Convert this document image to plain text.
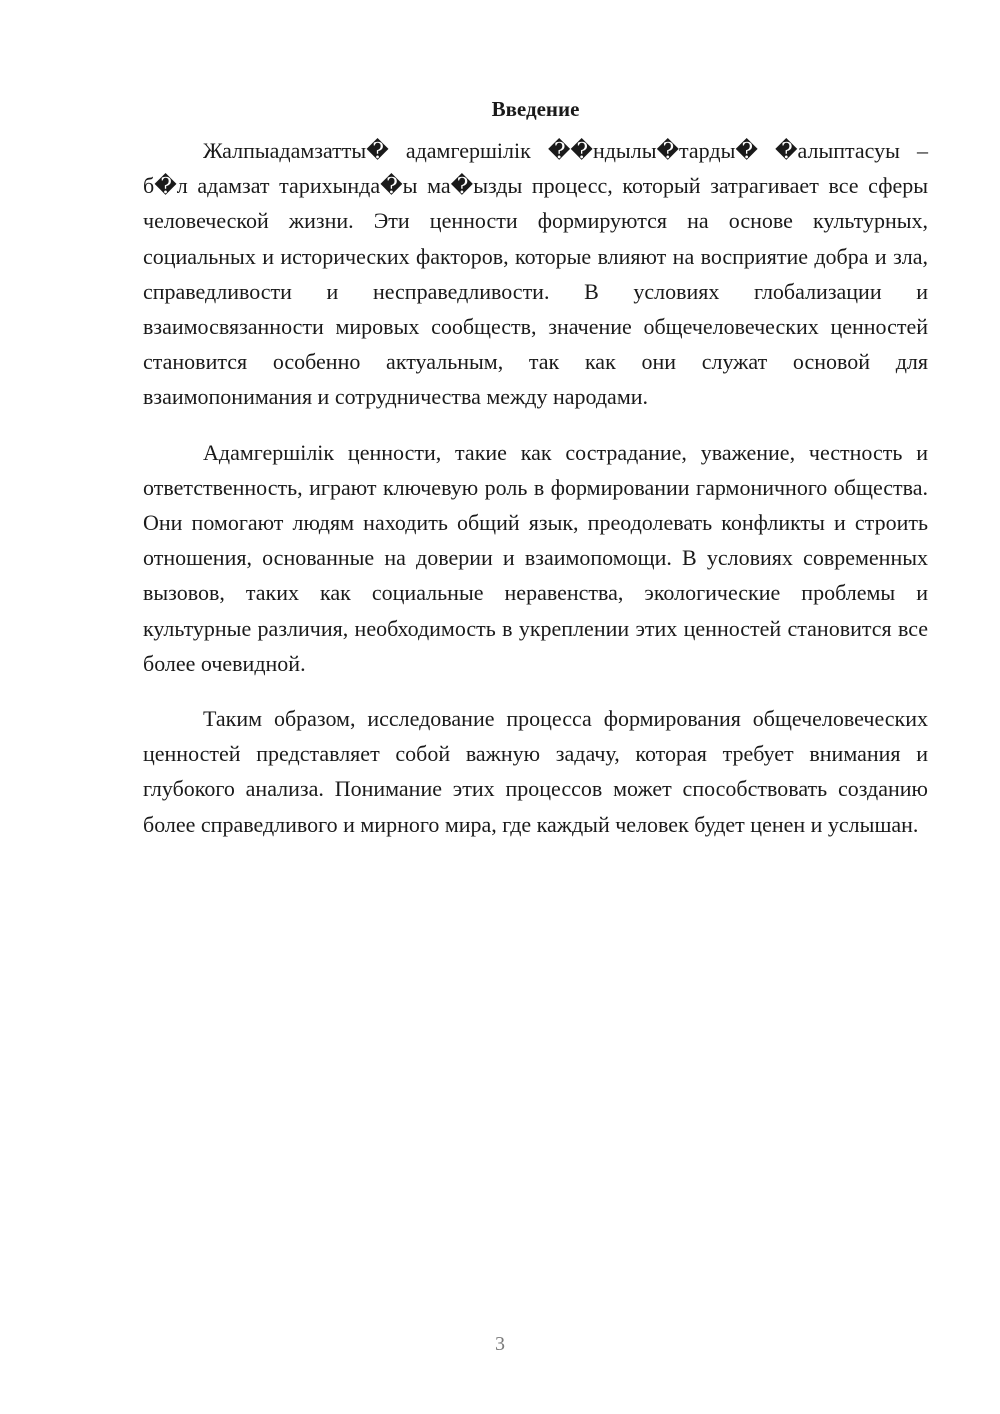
Введение

Жалпыадамзатты� адамгершілік ��ндылы�тарды� �алыптасуы – б�л адамзат тарихында�ы ма�ызды процесс, который затрагивает все сферы человеческой жизни. Эти ценности формируются на основе культурных, социальных и исторических факторов, которые влияют на восприятие добра и зла, справедливости и несправедливости. В условиях глобализации и взаимосвязанности мировых сообществ, значение общечеловеческих ценностей становится особенно актуальным, так как они служат основой для взаимопонимания и сотрудничества между народами.

Адамгершілік ценности, такие как сострадание, уважение, честность и ответственность, играют ключевую роль в формировании гармоничного общества. Они помогают людям находить общий язык, преодолевать конфликты и строить отношения, основанные на доверии и взаимопомощи. В условиях современных вызовов, таких как социальные неравенства, экологические проблемы и культурные различия, необходимость в укреплении этих ценностей становится все более очевидной.

Таким образом, исследование процесса формирования общечеловеческих ценностей представляет собой важную задачу, которая требует внимания и глубокого анализа. Понимание этих процессов может способствовать созданию более справедливого и мирного мира, где каждый человек будет ценен и услышан.

3
